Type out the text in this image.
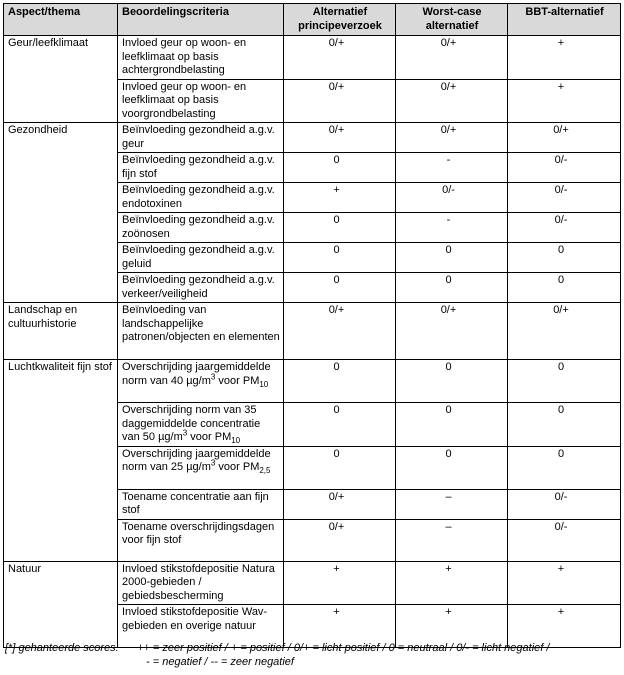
Aspect/thema	Beoordelingscriteria	Alternatief principeverzoek	Worst-case alternatief	BBT-alternatief
Geur/leefklimaat	Invloed geur op woon- en leefklimaat op basis achtergrondbelasting	0/+	0/+	+
	Invloed geur op woon- en leefklimaat op basis voorgrondbelasting	0/+	0/+	+
Gezondheid	Beïnvloeding gezondheid a.g.v. geur	0/+	0/+	0/+
	Beïnvloeding gezondheid a.g.v. fijn stof	0	-	0/-
	Beïnvloeding gezondheid a.g.v. endotoxinen	+	0/-	0/-
	Beïnvloeding gezondheid a.g.v. zoönosen	0	-	0/-
	Beïnvloeding gezondheid a.g.v. geluid	0	0	0
	Beïnvloeding gezondheid a.g.v. verkeer/veiligheid	0	0	0
Landschap en cultuurhistorie	Beïnvloeding van landschappelijke patronen/objecten en elementen	0/+	0/+	0/+
Luchtkwaliteit fijn stof	Overschrijding jaargemiddelde norm van 40 $\mu g/m^3$ voor $PM_{10}$	0	0	0
	Overschrijding norm van 35 daggemiddelde concentratie van 50 $\mu g/m^3$ voor $PM_{10}$	0	0	0
	Overschrijding jaargemiddelde norm van 25 $\mu g/m^3$ voor $PM_{2,5}$	0	0	0
	Toename concentratie aan fijn stof	0/+	–	0/-
	Toename overschrijdingsdagen voor fijn stof	0/+	–	0/-
Natuur	Invloed stikstofdepositie Natura 2000-gebieden / gebiedsbescherming	+	+	+
	Invloed stikstofdepositie Wav-gebieden en overige natuur	+	+	+
[*] gehanteerde scores: ++ = zeer positief / + = positief / 0/+ = licht positief / 0 = neutraal / 0/- = licht negatief /
- = negatief / -- = zeer negatief
